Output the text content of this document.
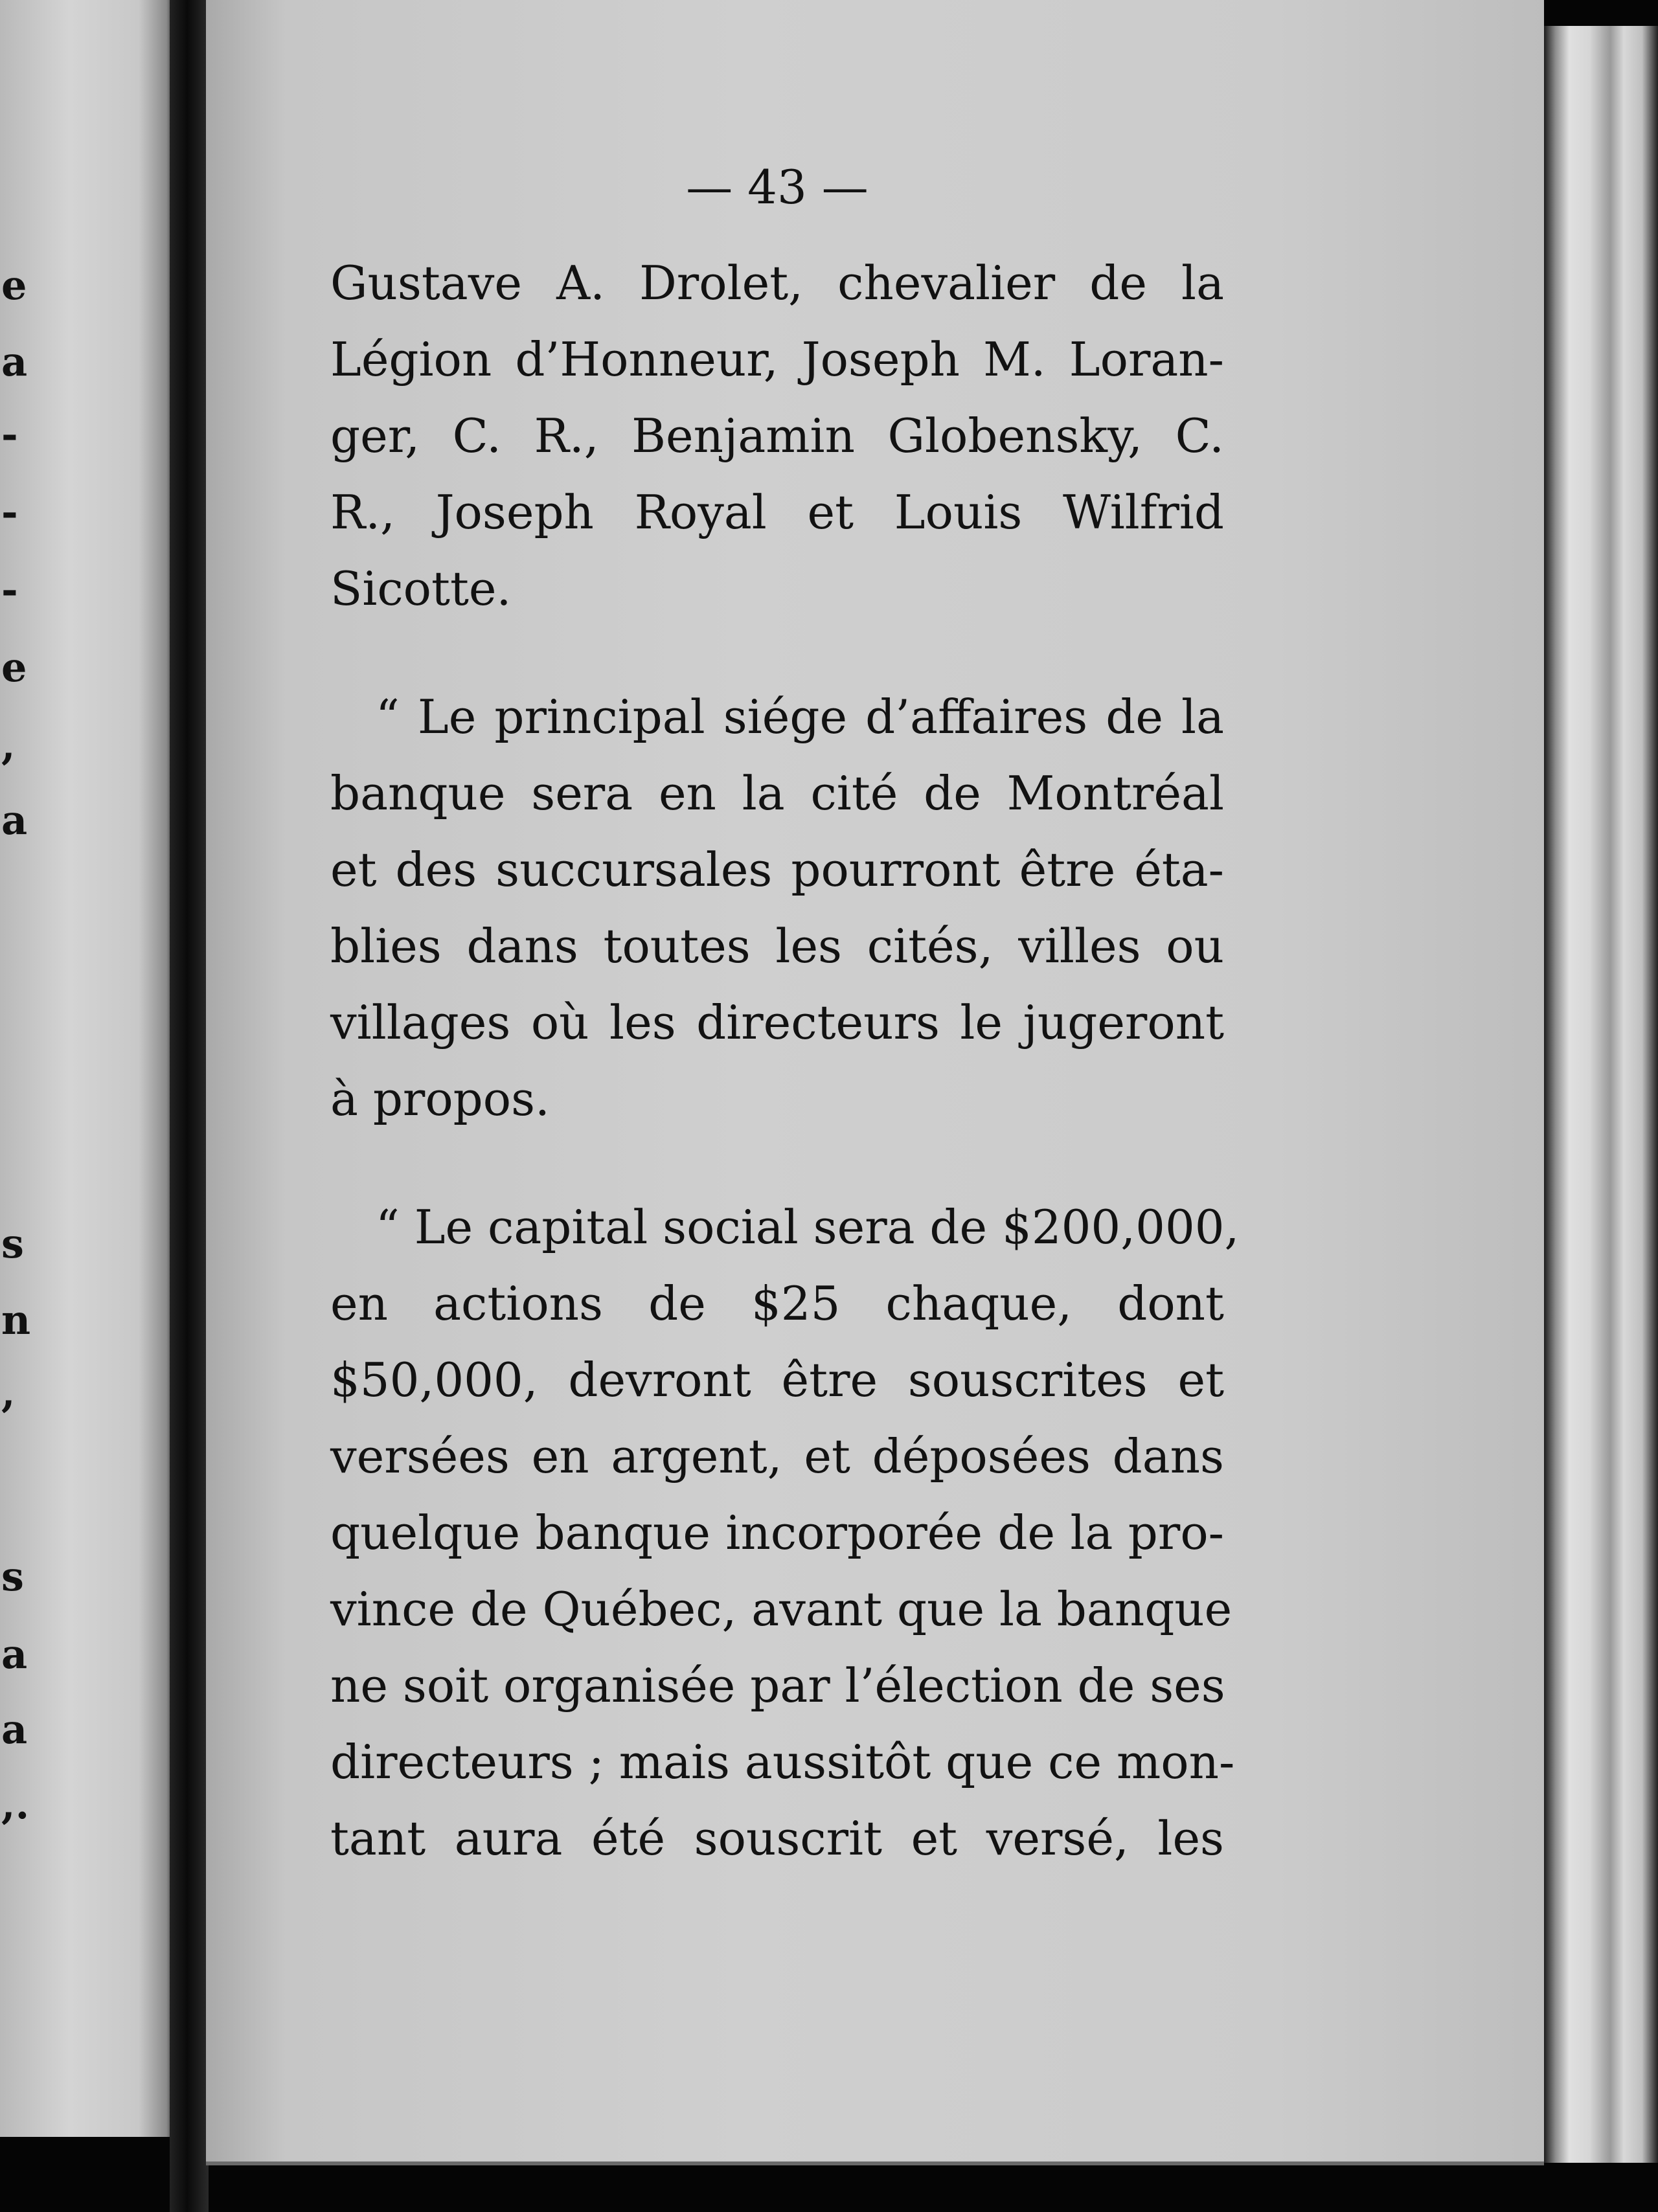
e
a
-
-
-
e
,
a
s
n
,
s
a
a
,.
— 43 —
Gustave A. Drolet, chevalier de la
Légion d’Honneur, Joseph M. Loran-
ger, C. R., Benjamin Globensky, C.
R., Joseph Royal et Louis Wilfrid
Sicotte.
“ Le principal siége d’affaires de la
banque sera en la cité de Montréal
et des succursales pourront être éta-
blies dans toutes les cités, villes ou
villages où les directeurs le jugeront
à propos.
“ Le capital social sera de $200,000,
en actions de $25 chaque, dont
$50,000, devront être souscrites et
versées en argent, et déposées dans
quelque banque incorporée de la pro-
vince de Québec, avant que la banque
ne soit organisée par l’élection de ses
directeurs ; mais aussitôt que ce mon-
tant aura été souscrit et versé, les
